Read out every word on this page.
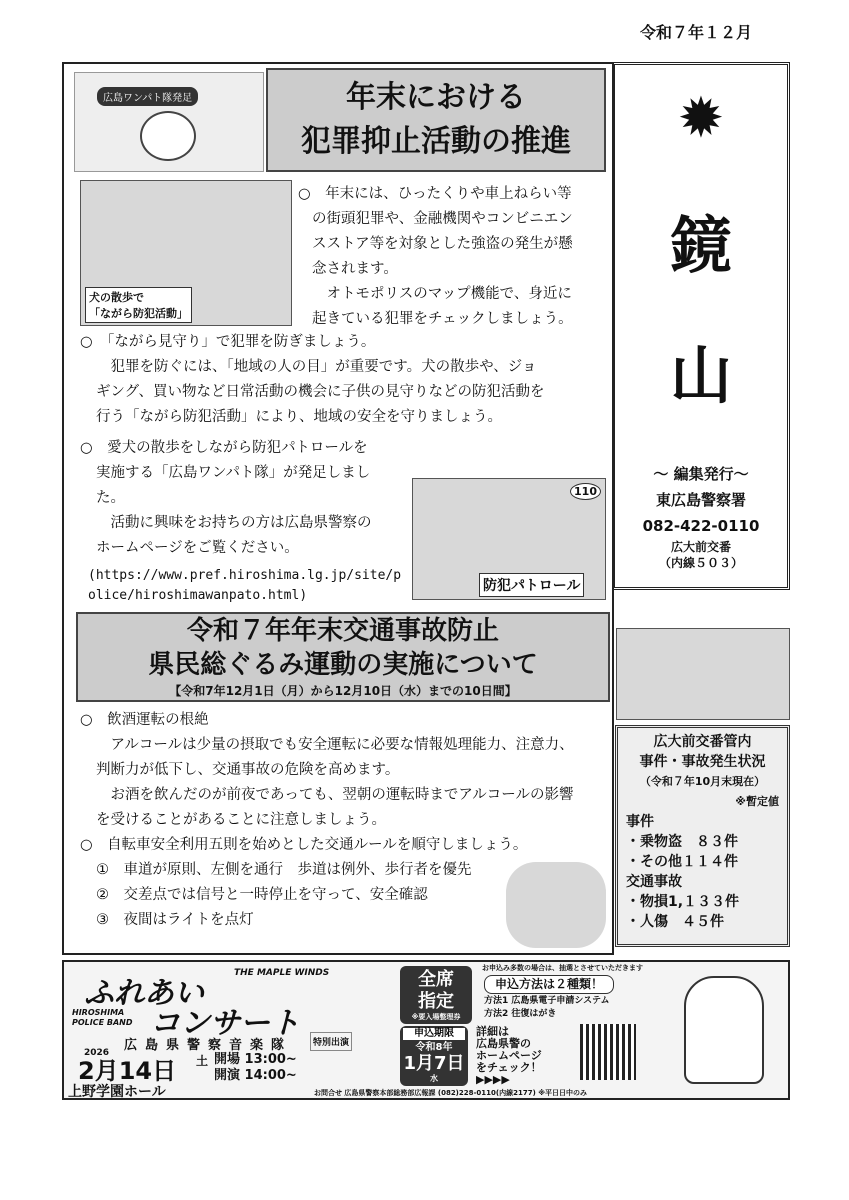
令和７年１２月
広島ワンパト隊発足	年末における
犯罪抑止活動の推進
犬の散歩で
「ながら防犯活動」
○　年末には、ひったくりや車上ねらい等
の街頭犯罪や、金融機関やコンビニエン
スストア等を対象とした強盗の発生が懸
念されます。
　オトモポリスのマップ機能で、身近に
起きている犯罪をチェックしましょう。
○　「ながら見守り」で犯罪を防ぎましょう。
　犯罪を防ぐには、「地域の人の目」が重要です。犬の散歩や、ジョ
ギング、買い物など日常活動の機会に子供の見守りなどの防犯活動を
行う「ながら防犯活動」により、地域の安全を守りましょう。
○　愛犬の散歩をしながら防犯パトロールを
実施する「広島ワンパト隊」が発足しまし
た。
　活動に興味をお持ちの方は広島県警察の
ホームページをご覧ください。
(https://www.pref.hiroshima.lg.jp/site/p
olice/hiroshimawanpato.html)
防犯パトロール
110
令和７年年末交通事故防止
県民総ぐるみ運動の実施について
【令和7年12月1日（月）から12月10日（水）までの10日間】
○　飲酒運転の根絶
　アルコールは少量の摂取でも安全運転に必要な情報処理能力、注意力、
判断力が低下し、交通事故の危険を高めます。
　お酒を飲んだのが前夜であっても、翌朝の運転時までアルコールの影響
を受けることがあることに注意しましょう。
○　自転車安全利用五則を始めとした交通ルールを順守しましょう。
①　車道が原則、左側を通行　歩道は例外、歩行者を優先
②　交差点では信号と一時停止を守って、安全確認
③　夜間はライトを点灯
✹
鏡
山
～ 編集発行～
東広島警察署
082-422-0110
広大前交番
（内線５０３）
広大前交番管内
事件・事故発生状況
（令和７年10月末現在）
※暫定値
事件
・乗物盗　８３件
・その他１１４件
交通事故
・物損1,１３３件
・人傷　４５件
ふれあい
コンサート
THE MAPLE WINDS
HIROSHIMA POLICE BAND
広島県警察音楽隊
2026
2月14日 土 開場 13:00~
開演 14:00~
特別出演
上野学園ホール
全席
指定
※要入場整理券
お申込み多数の場合は、抽選とさせていただきます
申込方法は２種類！
方法1 広島県電子申請システム
方法2 往復はがき
申込期限
令和8年
1月7日
水
詳細は
広島県警の
ホームページ
をチェック！
▶▶▶▶
お問合せ 広島県警察本部総務部広報課 (082)228-0110(内線2177) ※平日日中のみ
